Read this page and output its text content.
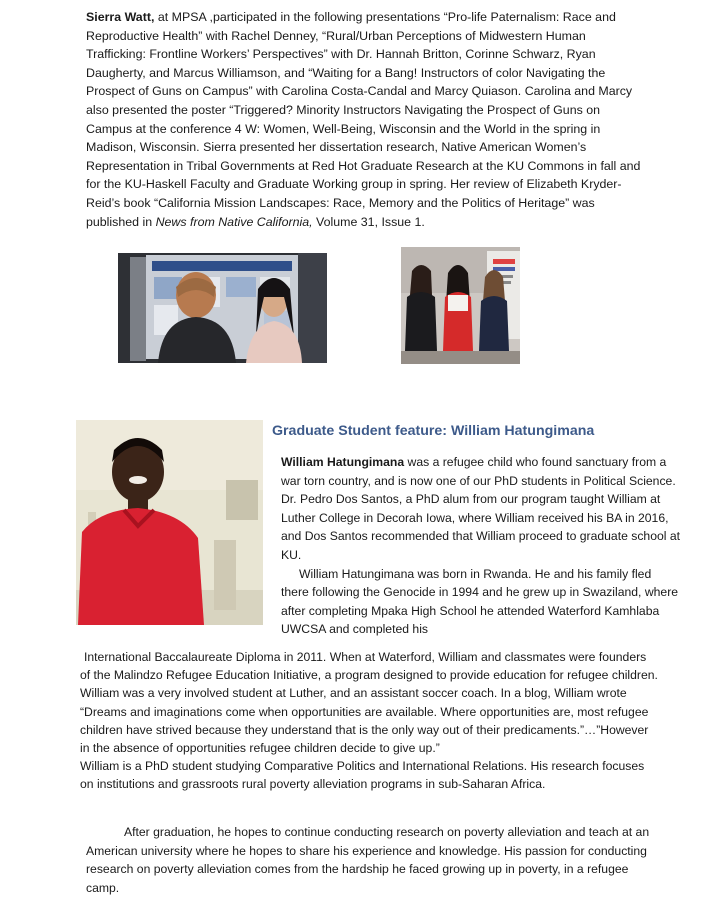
Sierra Watt, at MPSA ,participated in the following presentations “Pro-life Paternalism: Race and Reproductive Health” with Rachel Denney, “Rural/Urban Perceptions of Midwestern Human Trafficking: Frontline Workers’ Perspectives” with Dr. Hannah Britton, Corinne Schwarz, Ryan Daugherty, and Marcus Williamson, and “Waiting for a Bang! Instructors of color Navigating the Prospect of Guns on Campus” with Carolina Costa-Candal and Marcy Quiason. Carolina and Marcy also presented the poster “Triggered? Minority Instructors Navigating the Prospect of Guns on Campus at the conference 4 W: Women, Well-Being, Wisconsin and the World in the spring in Madison, Wisconsin. Sierra presented her dissertation research, Native American Women’s Representation in Tribal Governments at Red Hot Graduate Research at the KU Commons in fall and for the KU-Haskell Faculty and Graduate Working group in spring. Her review of Elizabeth Kryder-Reid’s book “California Mission Landscapes: Race, Memory and the Politics of Heritage” was published in News from Native California, Volume 31, Issue 1.

Graduate Student feature: William Hatungimana

William Hatungimana was a refugee child who found sanctuary from a war torn country, and is now one of our PhD students in Political Science. Dr. Pedro Dos Santos, a PhD alum from our program taught William at Luther College in Decorah Iowa, where William received his BA in 2016, and Dos Santos recommended that William proceed to graduate school at KU.
William Hatungimana was born in Rwanda. He and his family fled there following the Genocide in 1994 and he grew up in Swaziland, where after completing Mpaka High School he attended Waterford Kamhlaba UWCSA and completed his

International Baccalaureate Diploma in 2011. When at Waterford, William and classmates were founders of the Malindzo Refugee Education Initiative, a program designed to provide education for refugee children. William was a very involved student at Luther, and an assistant soccer coach. In a blog, William wrote “Dreams and imaginations come when opportunities are available. Where opportunities are, most refugee children have strived because they understand that is the only way out of their predicaments.”…”However in the absence of opportunities refugee children decide to give up.”
William is a PhD student studying Comparative Politics and International Relations. His research focuses on institutions and grassroots rural poverty alleviation programs in sub-Saharan Africa.

After graduation, he hopes to continue conducting research on poverty alleviation and teach at an American university where he hopes to share his experience and knowledge. His passion for conducting research on poverty alleviation comes from the hardship he faced growing up in poverty, in a refugee camp.
